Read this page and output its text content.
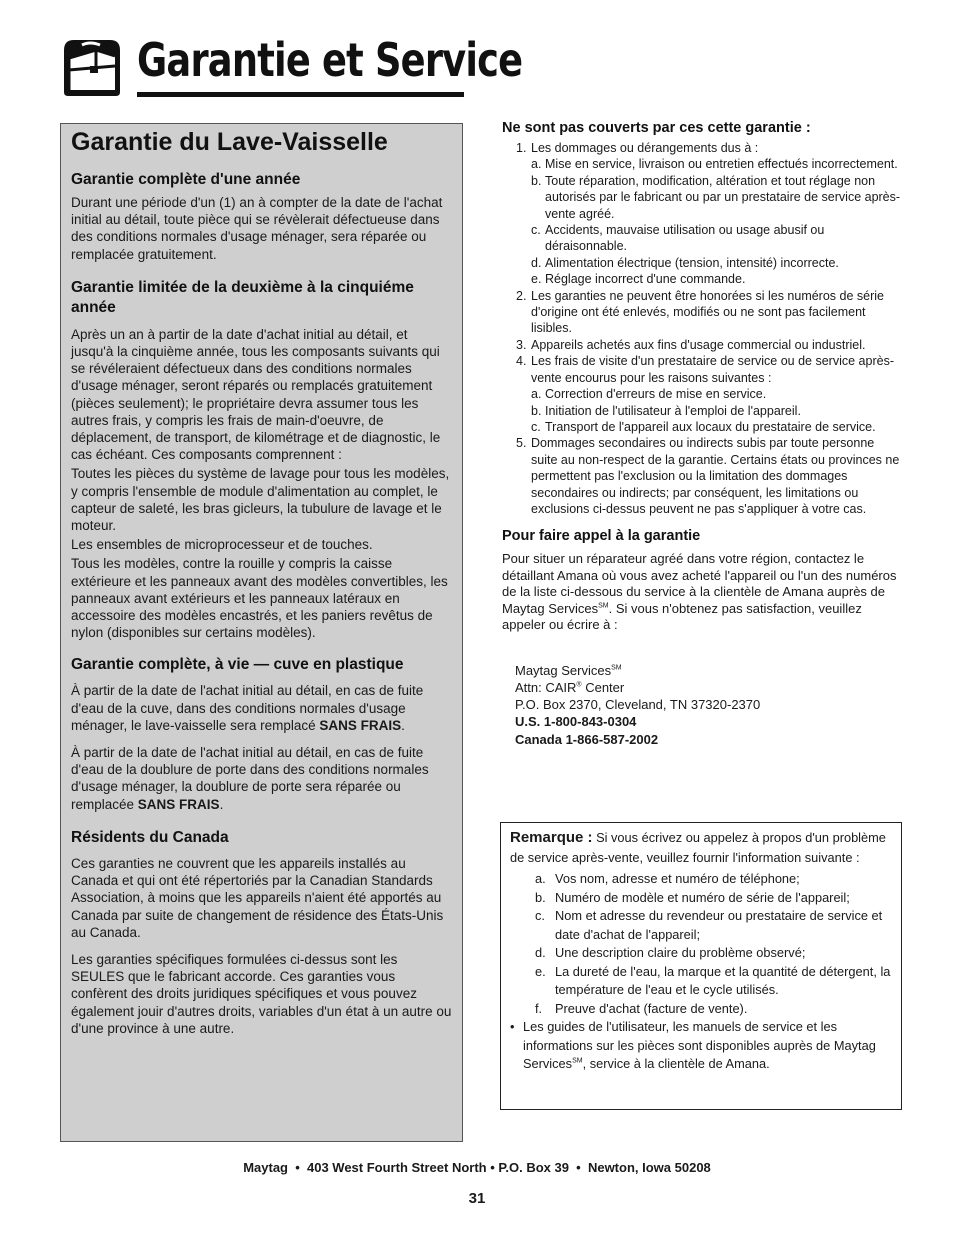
Garantie et Service
Garantie du Lave-Vaisselle
Garantie complète d'une année

Durant une période d'un (1) an à compter de la date de l'achat initial au détail, toute pièce qui se révèlerait défectueuse dans des conditions normales d'usage ménager, sera réparée ou remplacée gratuitement.

Garantie limitée de la deuxième à la cinquiéme année

Après un an à partir de la date d'achat initial au détail, et jusqu'à la cinquième année, tous les composants suivants qui se révéleraient défectueux dans des conditions normales d'usage ménager, seront réparés ou remplacés gratuitement (pièces seulement); le propriétaire devra assumer tous les autres frais, y compris les frais de main-d'oeuvre, de déplacement, de transport, de kilométrage et de diagnostic, le cas échéant. Ces composants comprennent :

Toutes les pièces du système de lavage pour tous les modèles, y compris l'ensemble de module d'alimentation au complet, le capteur de saleté, les bras gicleurs, la tubulure de lavage et le moteur.

Les ensembles de microprocesseur et de touches.

Tous les modèles, contre la rouille y compris la caisse extérieure et les panneaux avant des modèles convertibles, les panneaux avant extérieurs et les panneaux latéraux en accessoire des modèles encastrés, et les paniers revêtus de nylon (disponibles sur certains modèles).

Garantie complète, à vie — cuve en plastique

À partir de la date de l'achat initial au détail, en cas de fuite d'eau de la cuve, dans des conditions normales d'usage ménager, le lave-vaisselle sera remplacé SANS FRAIS.

À partir de la date de l'achat initial au détail, en cas de fuite d'eau de la doublure de porte dans des conditions normales d'usage ménager, la doublure de porte sera réparée ou remplacée SANS FRAIS.

Résidents du Canada

Ces garanties ne couvrent que les appareils installés au Canada et qui ont été répertoriés par la Canadian Standards Association, à moins que les appareils n'aient été apportés au Canada par suite de changement de résidence des États-Unis au Canada.

Les garanties spécifiques formulées ci-dessus sont les SEULES que le fabricant accorde. Ces garanties vous confèrent des droits juridiques spécifiques et vous pouvez également jouir d'autres droits, variables d'un état à un autre ou d'une province à une autre.

Ne sont pas couverts par ces cette garantie :
1. Les dommages ou dérangements dus à :
a. Mise en service, livraison ou entretien effectués incorrectement.
b. Toute réparation, modification, altération et tout réglage non autorisés par le fabricant ou par un prestataire de service après-vente agréé.
c. Accidents, mauvaise utilisation ou usage abusif ou déraisonnable.
d. Alimentation électrique (tension, intensité) incorrecte.
e. Réglage incorrect d'une commande.
2. Les garanties ne peuvent être honorées si les numéros de série d'origine ont été enlevés, modifiés ou ne sont pas facilement lisibles.
3. Appareils achetés aux fins d'usage commercial ou industriel.
4. Les frais de visite d'un prestataire de service ou de service après-vente encourus pour les raisons suivantes :
a. Correction d'erreurs de mise en service.
b. Initiation de l'utilisateur à l'emploi de l'appareil.
c. Transport de l'appareil aux locaux du prestataire de service.
5. Dommages secondaires ou indirects subis par toute personne suite au non-respect de la garantie. Certains états ou provinces ne permettent pas l'exclusion ou la limitation des dommages secondaires ou indirects; par conséquent, les limitations ou exclusions ci-dessus peuvent ne pas s'appliquer à votre cas.
Pour faire appel à la garantie

Pour situer un réparateur agréé dans votre région, contactez le détaillant Amana où vous avez acheté l'appareil ou l'un des numéros de la liste ci-dessous du service à la clientèle de Amana auprès de Maytag Services℠. Si vous n'obtenez pas satisfaction, veuillez appeler ou écrire à :

Maytag Services℠
Attn: CAIR® Center
P.O. Box 2370, Cleveland, TN 37320-2370
U.S. 1-800-843-0304
Canada 1-866-587-2002
Remarque : Si vous écrivez ou appelez à propos d'un problème de service après-vente, veuillez fournir l'information suivante :
a. Vos nom, adresse et numéro de téléphone;
b. Numéro de modèle et numéro de série de l'appareil;
c. Nom et adresse du revendeur ou prestataire de service et date d'achat de l'appareil;
d. Une description claire du problème observé;
e. La dureté de l'eau, la marque et la quantité de détergent, la température de l'eau et le cycle utilisés.
f. Preuve d'achat (facture de vente).
• Les guides de l'utilisateur, les manuels de service et les informations sur les pièces sont disponibles auprès de Maytag Services℠, service à la clientèle de Amana.
Maytag  •  403 West Fourth Street North • P.O. Box 39  •  Newton, Iowa 50208
31
